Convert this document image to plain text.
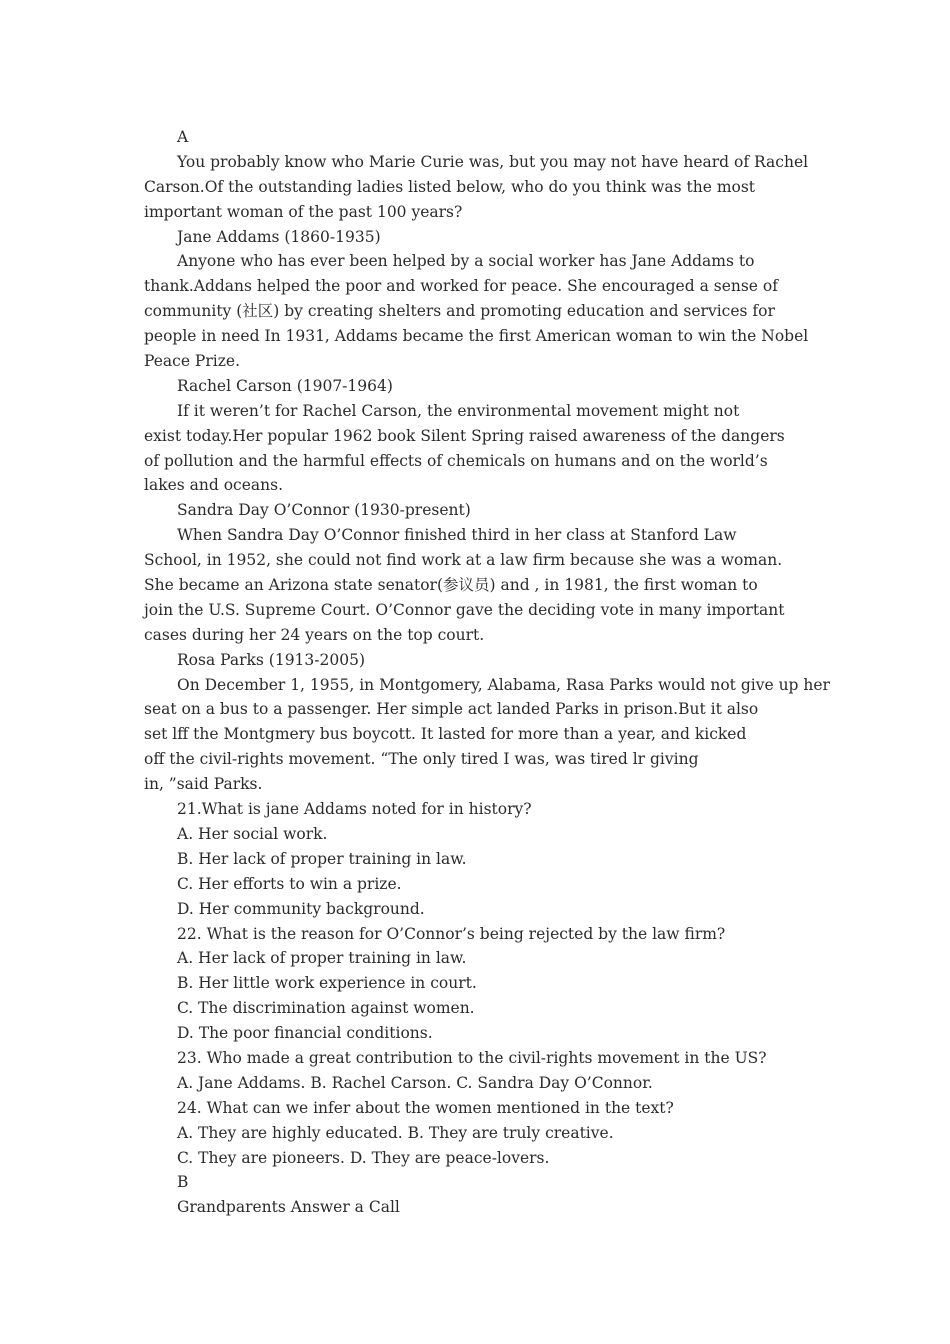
A
You probably know who Marie Curie was, but you may not have heard of Rachel
Carson.Of the outstanding ladies listed below, who do you think was the most
important woman of the past 100 years?
Jane Addams (1860-1935)
Anyone who has ever been helped by a social worker has Jane Addams to
thank.Addans helped the poor and worked for peace. She encouraged a sense of
community (社区) by creating shelters and promoting education and services for
people in need In 1931, Addams became the first American woman to win the Nobel
Peace Prize.
Rachel Carson (1907-1964)
If it weren’t for Rachel Carson, the environmental movement might not
exist today.Her popular 1962 book Silent Spring raised awareness of the dangers
of pollution and the harmful effects of chemicals on humans and on the world’s
lakes and oceans.
Sandra Day O’Connor (1930-present)
When Sandra Day O’Connor finished third in her class at Stanford Law
School, in 1952, she could not find work at a law firm because she was a woman.
She became an Arizona state senator(参议员) and , in 1981, the first woman to
join the U.S. Supreme Court. O’Connor gave the deciding vote in many important
cases during her 24 years on the top court.
Rosa Parks (1913-2005)
On December 1, 1955, in Montgomery, Alabama, Rasa Parks would not give up her
seat on a bus to a passenger. Her simple act landed Parks in prison.But it also
set lff the Montgmery bus boycott. It lasted for more than a year, and kicked
off the civil-rights movement. “The only tired I was, was tired lr giving
in, ”said Parks.
21.What is jane Addams noted for in history?
A. Her social work.
B. Her lack of proper training in law.
C. Her efforts to win a prize.
D. Her community background.
22. What is the reason for O’Connor’s being rejected by the law firm?
A. Her lack of proper training in law.
B. Her little work experience in court.
C. The discrimination against women.
D. The poor financial conditions.
23. Who made a great contribution to the civil-rights movement in the US?
A. Jane Addams. B. Rachel Carson. C. Sandra Day O’Connor.
24. What can we infer about the women mentioned in the text?
A. They are highly educated. B. They are truly creative.
C. They are pioneers. D. They are peace-lovers.
B
Grandparents Answer a Call
